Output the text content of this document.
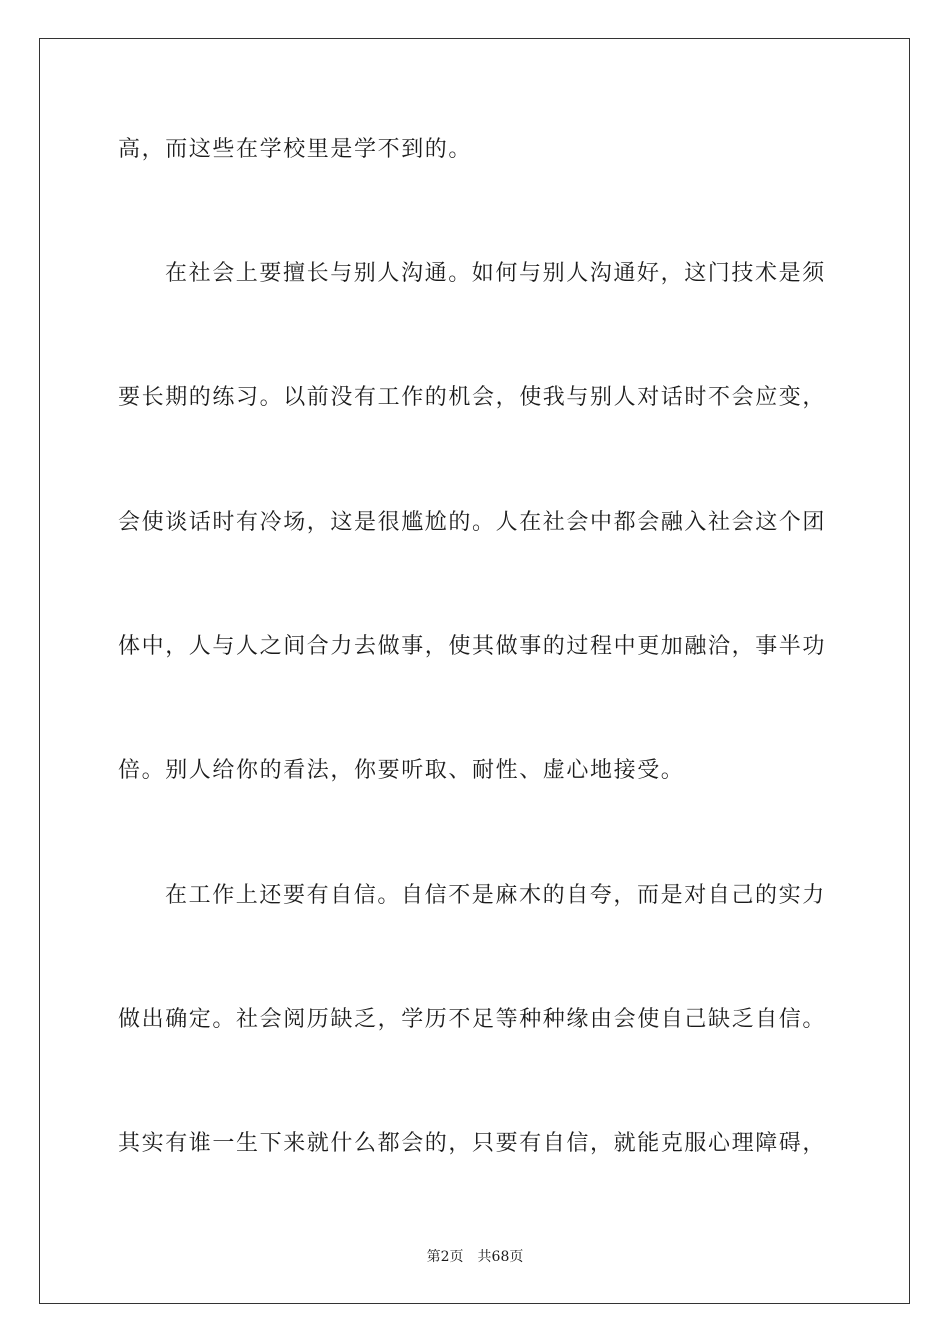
高，而这些在学校里是学不到的。
在社会上要擅长与别人沟通。如何与别人沟通好，这门技术是须
要长期的练习。以前没有工作的机会，使我与别人对话时不会应变，
会使谈话时有冷场，这是很尴尬的。人在社会中都会融入社会这个团
体中，人与人之间合力去做事，使其做事的过程中更加融洽，事半功
倍。别人给你的看法，你要听取、耐性、虚心地接受。
在工作上还要有自信。自信不是麻木的自夸，而是对自己的实力
做出确定。社会阅历缺乏，学历不足等种种缘由会使自己缺乏自信。
其实有谁一生下来就什么都会的，只要有自信，就能克服心理障碍，
第2页 共68页
